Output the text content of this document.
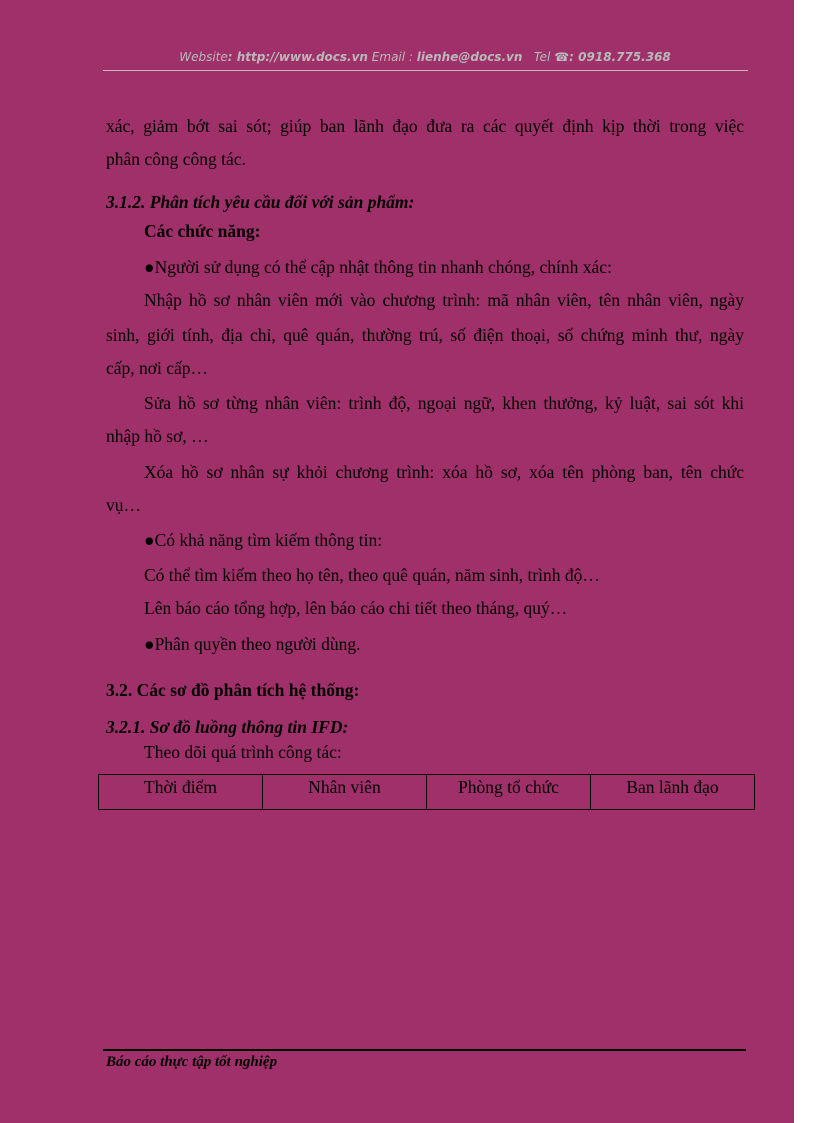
Website: http://www.docs.vn Email : lienhe@docs.vn Tel ☎: 0918.775.368
xác, giảm bớt sai sót; giúp ban lãnh đạo đưa ra các quyết định kịp thời trong việc
phân công công tác.
3.1.2. Phân tích yêu cầu đối với sản phẩm:
Các chức năng:
●Người sử dụng có thể cập nhật thông tin nhanh chóng, chính xác:
Nhập hồ sơ nhân viên mới vào chương trình: mã nhân viên, tên nhân viên, ngày
sinh, giới tính, địa chỉ, quê quán, thường trú, số điện thoại, số chứng minh thư, ngày
cấp, nơi cấp…
Sửa hồ sơ từng nhân viên: trình độ, ngoại ngữ, khen thưởng, kỷ luật, sai sót khi
nhập hồ sơ, …
Xóa hồ sơ nhân sự khỏi chương trình: xóa hồ sơ, xóa tên phòng ban, tên chức
vụ…
●Có khả năng tìm kiếm thông tin:
Có thể tìm kiếm theo họ tên, theo quê quán, năm sinh, trình độ…
Lên báo cáo tổng hợp, lên báo cáo chi tiết theo tháng, quý…
●Phân quyền theo người dùng.
3.2. Các sơ đồ phân tích hệ thống:
3.2.1. Sơ đồ luồng thông tin IFD:
Theo dõi quá trình công tác:
Thời điểm	Nhân viên	Phòng tổ chức	Ban lãnh đạo
Báo cáo thực tập tốt nghiệp
